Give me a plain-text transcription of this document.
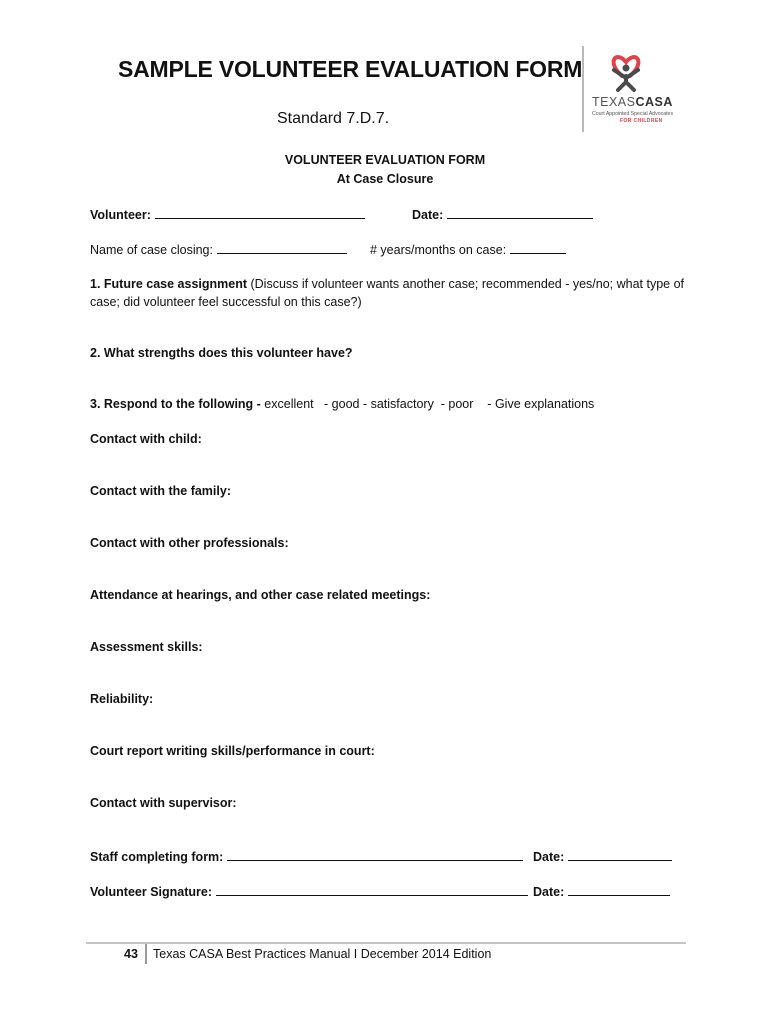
SAMPLE VOLUNTEER EVALUATION FORM
Standard 7.D.7.
TEXASCASA
Court Appointed Special Advocates
FOR CHILDREN
VOLUNTEER EVALUATION FORM
At Case Closure
Volunteer:	Date:
Name of case closing:	# years/months on case:
1. Future case assignment (Discuss if volunteer wants another case; recommended - yes/no; what type of case; did volunteer feel successful on this case?)
2. What strengths does this volunteer have?
3. Respond to the following - excellent   - good - satisfactory  - poor    - Give explanations
Contact with child:
Contact with the family:
Contact with other professionals:
Attendance at hearings, and other case related meetings:
Assessment skills:
Reliability:
Court report writing skills/performance in court:
Contact with supervisor:
Staff completing form:	Date:
Volunteer Signature:	Date:
43 Texas CASA Best Practices Manual I December 2014 Edition
